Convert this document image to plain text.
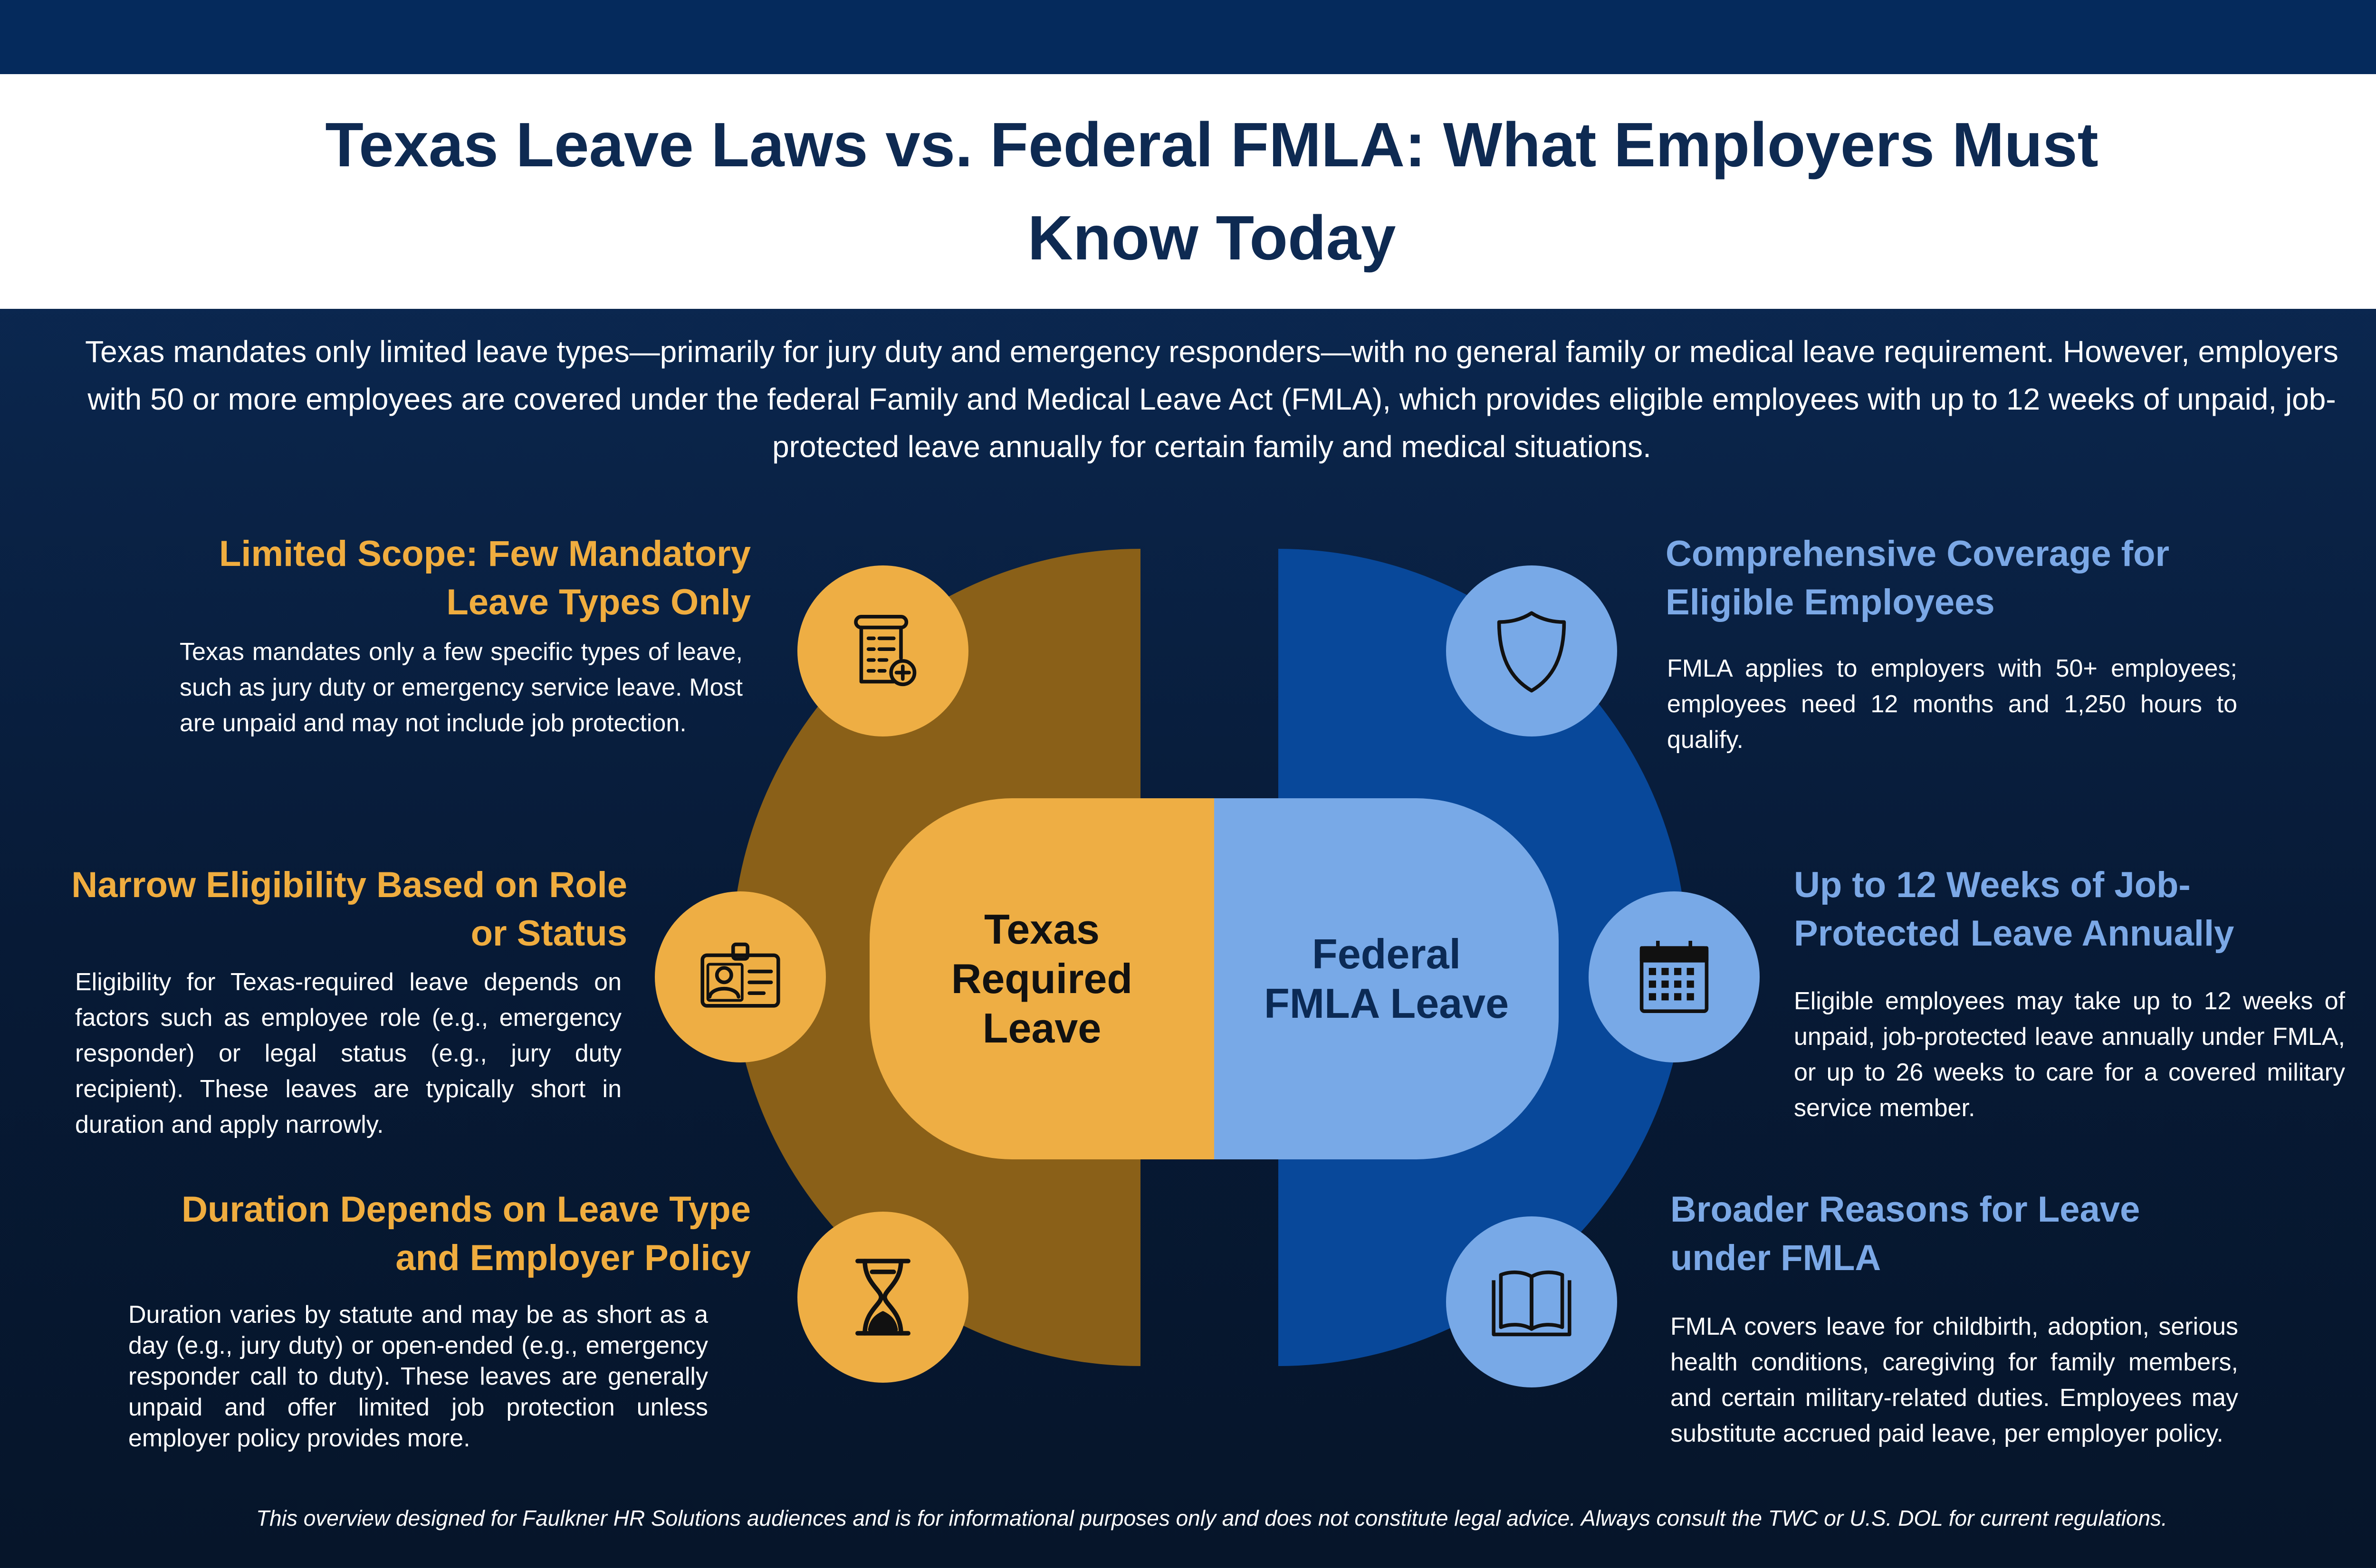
Texas Leave Laws vs. Federal FMLA: What Employers Must Know Today
Texas mandates only limited leave types—primarily for jury duty and emergency responders—with no general family or medical leave requirement. However, employers with 50 or more employees are covered under the federal Family and Medical Leave Act (FMLA), which provides eligible employees with up to 12 weeks of unpaid, job-protected leave annually for certain family and medical situations.
Texas Required Leave
Federal FMLA Leave
Limited Scope: Few Mandatory Leave Types Only
Texas mandates only a few specific types of leave, such as jury duty or emergency service leave. Most are unpaid and may not include job protection.
Narrow Eligibility Based on Role or Status
Eligibility for Texas-required leave depends on factors such as employee role (e.g., emergency responder) or legal status (e.g., jury duty recipient). These leaves are typically short in duration and apply narrowly.
Duration Depends on Leave Type and Employer Policy
Duration varies by statute and may be as short as a day (e.g., jury duty) or open-ended (e.g., emergency responder call to duty). These leaves are generally unpaid and offer limited job protection unless employer policy provides more.
Comprehensive Coverage for Eligible Employees
FMLA applies to employers with 50+ employees; employees need 12 months and 1,250 hours to qualify.
Up to 12 Weeks of Job-Protected Leave Annually
Eligible employees may take up to 12 weeks of unpaid, job-protected leave annually under FMLA, or up to 26 weeks to care for a covered military service member.
Broader Reasons for Leave under FMLA
FMLA covers leave for childbirth, adoption, serious health conditions, caregiving for family members, and certain military-related duties. Employees may substitute accrued paid leave, per employer policy.
This overview designed for Faulkner HR Solutions audiences and is for informational purposes only and does not constitute legal advice. Always consult the TWC or U.S. DOL for current regulations.
